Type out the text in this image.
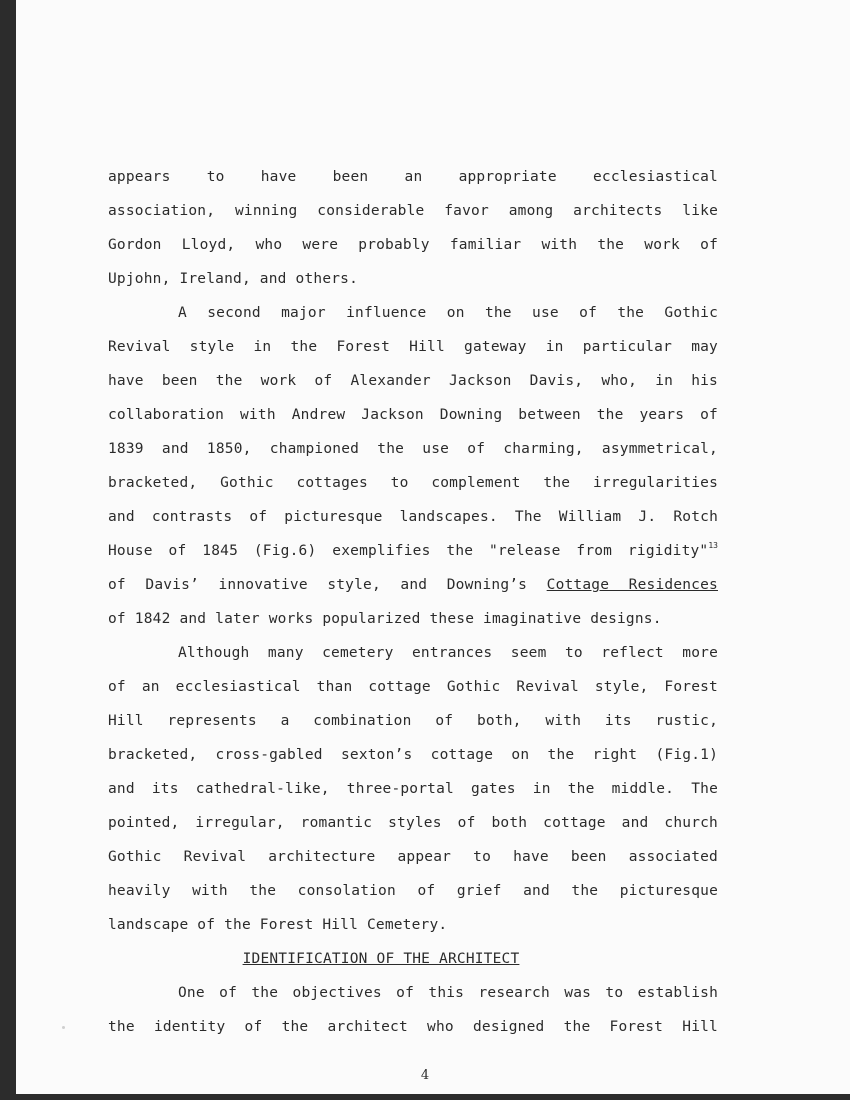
appears to have been an appropriate ecclesiastical
association, winning considerable favor among architects like
Gordon Lloyd, who were probably familiar with the work of
Upjohn, Ireland, and others.
A second major influence on the use of the Gothic
Revival style in the Forest Hill gateway in particular may
have been the work of Alexander Jackson Davis, who, in his
collaboration with Andrew Jackson Downing between the years of
1839 and 1850, championed the use of charming, asymmetrical,
bracketed, Gothic cottages to complement the irregularities
and contrasts of picturesque landscapes. The William J. Rotch
House of 1845 (Fig.6) exemplifies the "release from rigidity"$^{13}$
of Davis’ innovative style, and Downing’s Cottage Residences
of 1842 and later works popularized these imaginative designs.
Although many cemetery entrances seem to reflect more
of an ecclesiastical than cottage Gothic Revival style, Forest
Hill represents a combination of both, with its rustic,
bracketed, cross-gabled sexton’s cottage on the right (Fig.1)
and its cathedral-like, three-portal gates in the middle. The
pointed, irregular, romantic styles of both cottage and church
Gothic Revival architecture appear to have been associated
heavily with the consolation of grief and the picturesque
landscape of the Forest Hill Cemetery.
IDENTIFICATION OF THE ARCHITECT
One of the objectives of this research was to establish
the identity of the architect who designed the Forest Hill
4
